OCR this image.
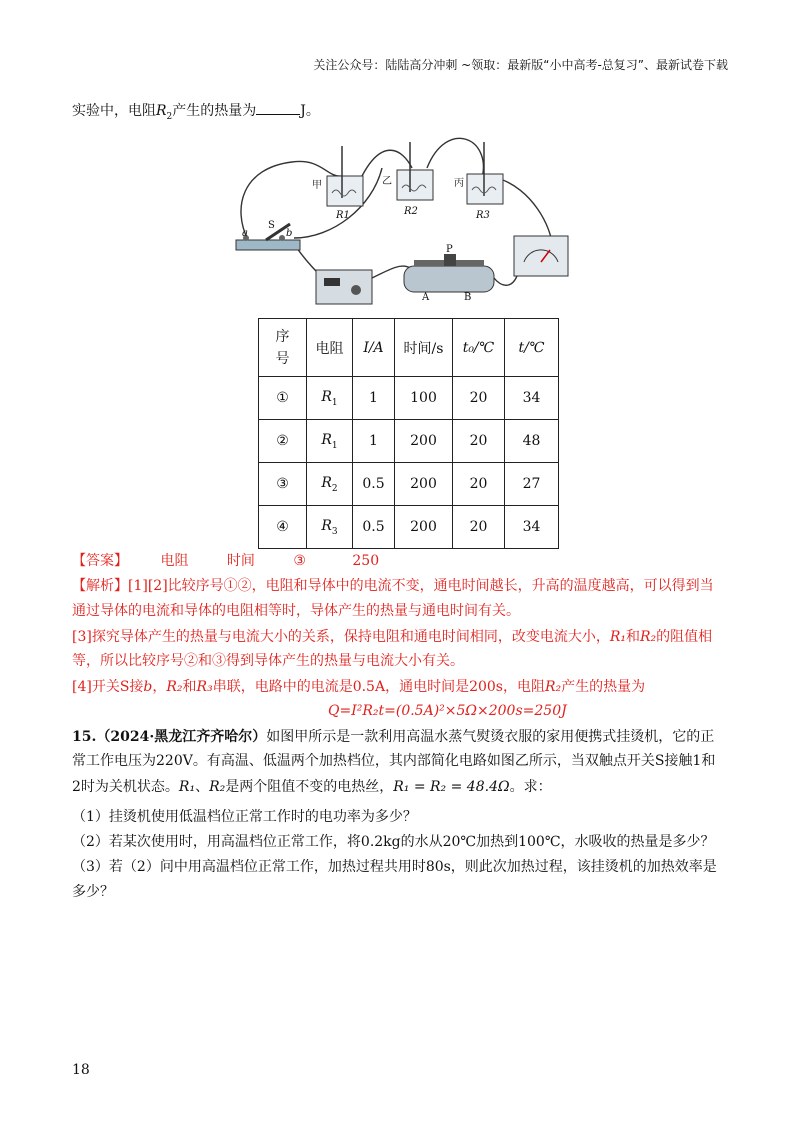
关注公众号：陆陆高分冲刺 ~领取：最新版“小中高考-总复习”、最新试卷下载
实验中，电阻$R_2$产生的热量为	J。
甲	乙	丙
R1	R2	R3
S
a	b
P
A	B
序号	电阻	I/A	时间/s	t₀/℃	t/℃
①	$R_1$	1	100	20	34
②	$R_1$	1	200	20	48
③	$R_2$	0.5	200	20	27
④	$R_3$	0.5	200	20	34
【答案】 电阻	时间	③	250
【解析】[1][2]比较序号①②，电阻和导体中的电流不变，通电时间越长，升高的温度越高，可以得到当
通过导体的电流和导体的电阻相等时，导体产生的热量与通电时间有关。
[3]探究导体产生的热量与电流大小的关系，保持电阻和通电时间相同，改变电流大小，R₁和R₂的阻值相
等，所以比较序号②和③得到导体产生的热量与电流大小有关。
[4]开关S接b，R₂和R₃串联，电路中的电流是0.5A，通电时间是200s，电阻R₂产生的热量为
Q=I²R₂t=(0.5A)²×5Ω×200s=250J
15.（2024·黑龙江齐齐哈尔）如图甲所示是一款利用高温水蒸气熨烫衣服的家用便携式挂烫机，它的正
常工作电压为220V。有高温、低温两个加热档位，其内部简化电路如图乙所示，当双触点开关S接触1和
2时为关机状态。R₁、R₂是两个阻值不变的电热丝，R₁ = R₂ = 48.4Ω。求：
（1）挂烫机使用低温档位正常工作时的电功率为多少？
（2）若某次使用时，用高温档位正常工作，将0.2kg的水从20℃加热到100℃，水吸收的热量是多少？
（3）若（2）问中用高温档位正常工作，加热过程共用时80s，则此次加热过程，该挂烫机的加热效率是
多少？
18
